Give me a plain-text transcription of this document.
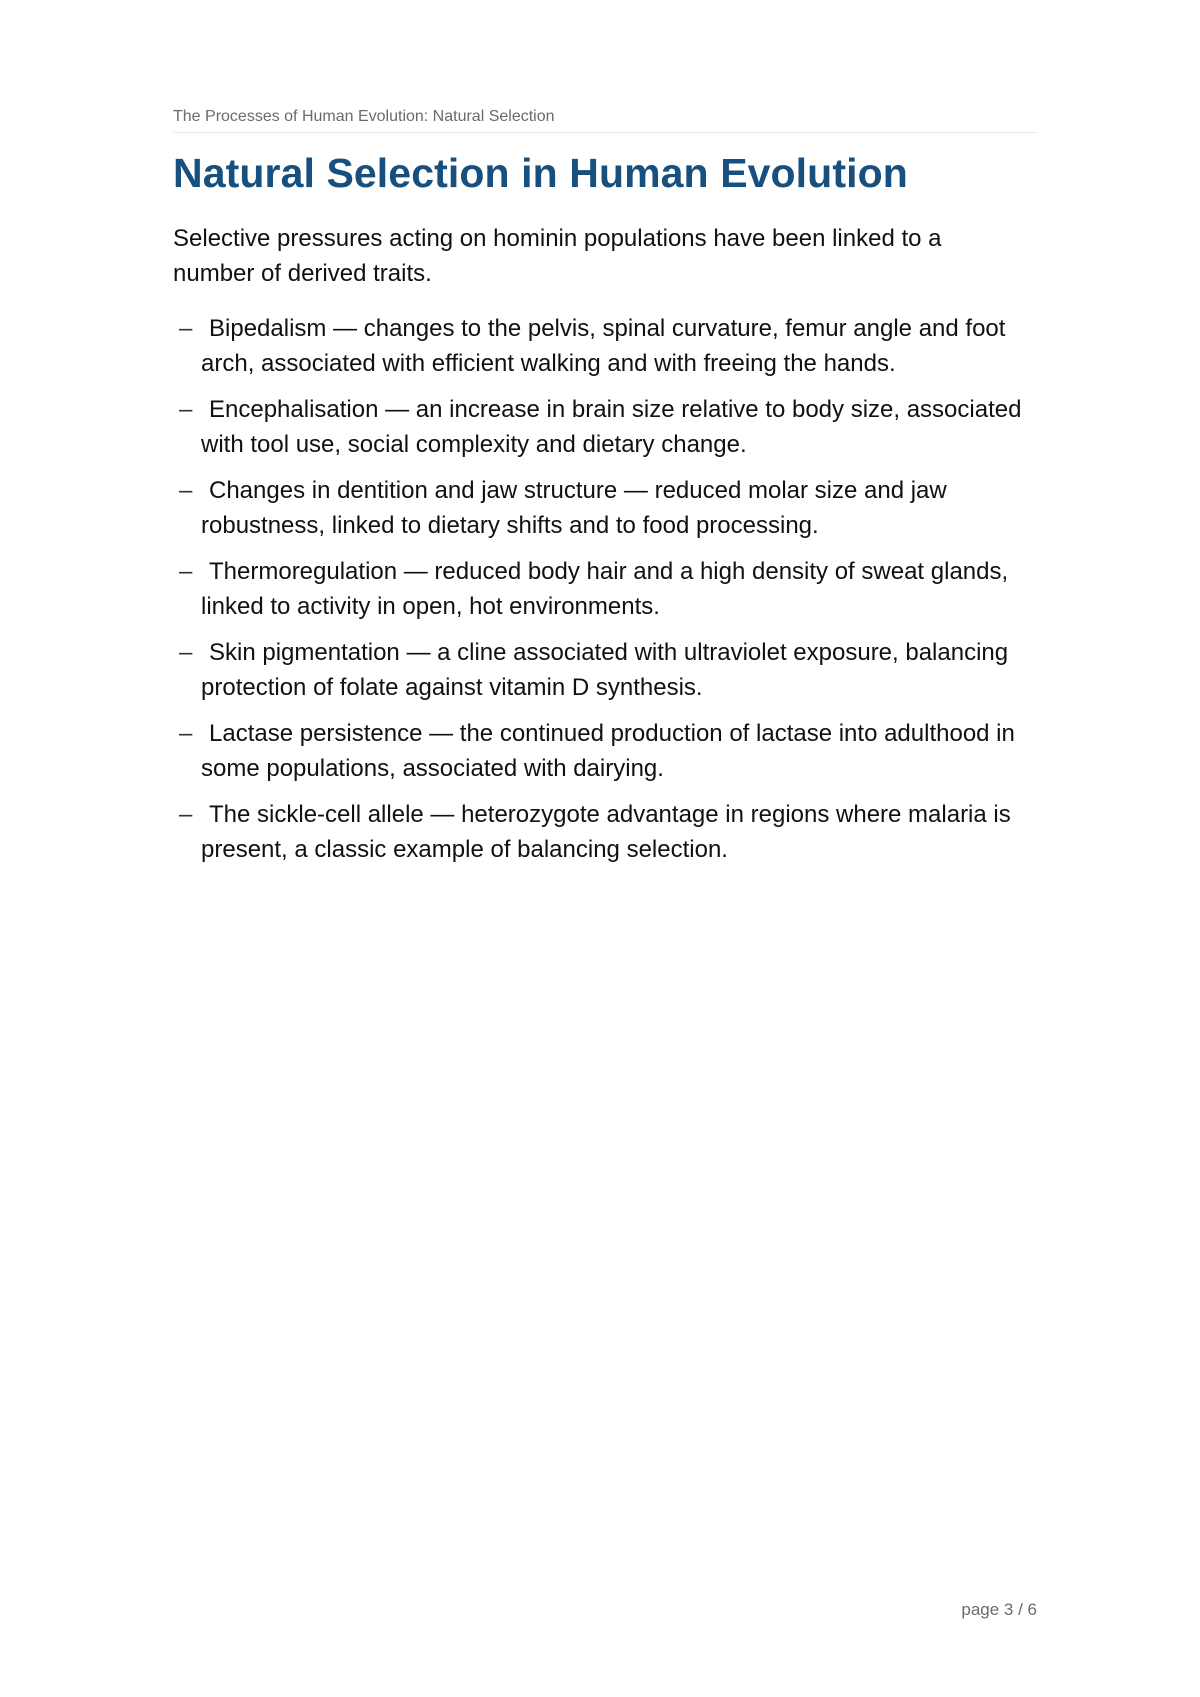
The Processes of Human Evolution: Natural Selection
Natural Selection in Human Evolution

Selective pressures acting on hominin populations have been linked to a number of derived traits.

– Bipedalism — changes to the pelvis, spinal curvature, femur angle and foot arch, associated with efficient walking and with freeing the hands.
– Encephalisation — an increase in brain size relative to body size, associated with tool use, social complexity and dietary change.
– Changes in dentition and jaw structure — reduced molar size and jaw robustness, linked to dietary shifts and to food processing.
– Thermoregulation — reduced body hair and a high density of sweat glands, linked to activity in open, hot environments.
– Skin pigmentation — a cline associated with ultraviolet exposure, balancing protection of folate against vitamin D synthesis.
– Lactase persistence — the continued production of lactase into adulthood in some populations, associated with dairying.
– The sickle-cell allele — heterozygote advantage in regions where malaria is present, a classic example of balancing selection.
page 3 / 6
